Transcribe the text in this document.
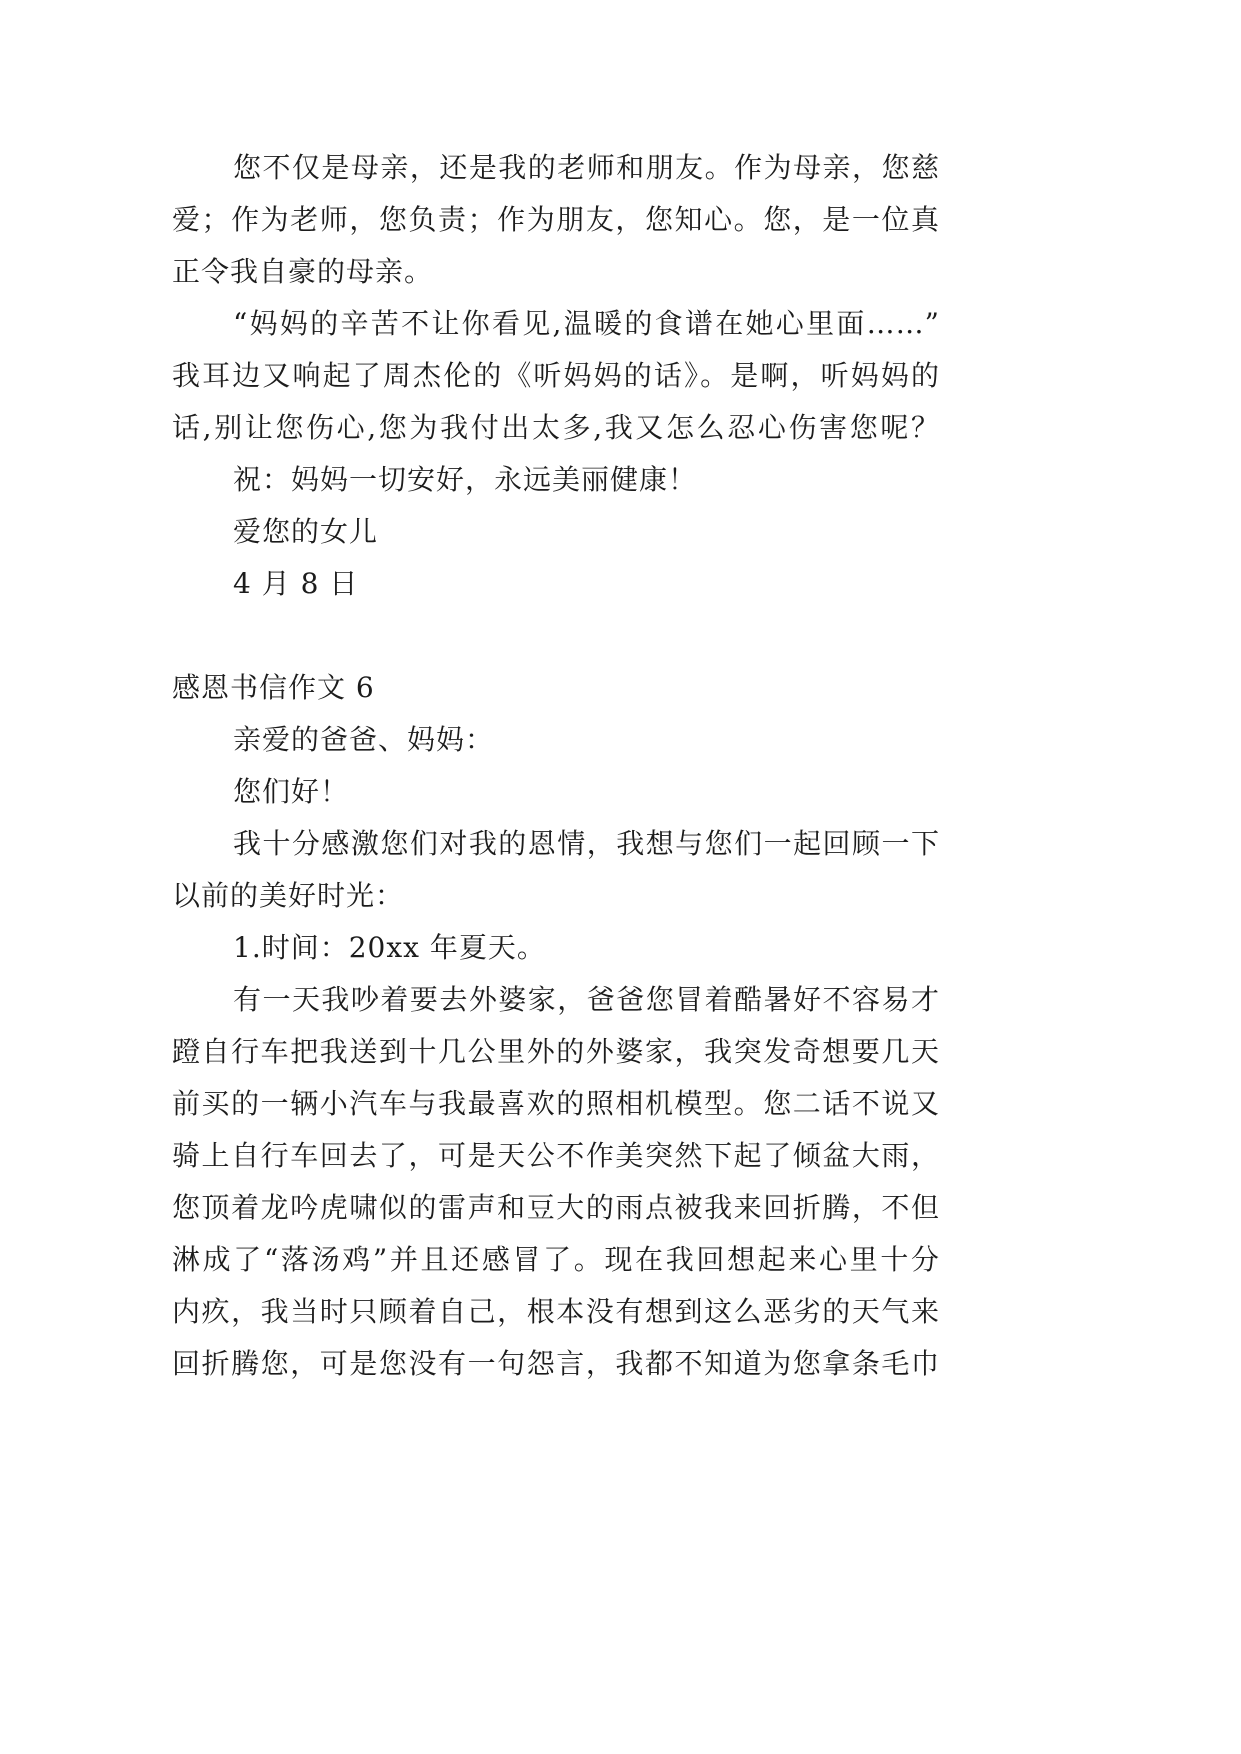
您不仅是母亲，还是我的老师和朋友。作为母亲，您慈
爱；作为老师，您负责；作为朋友，您知心。您，是一位真
正令我自豪的母亲。
“妈妈的辛苦不让你看见,温暖的食谱在她心里面……”
我耳边又响起了周杰伦的《听妈妈的话》。是啊，听妈妈的
话,别让您伤心,您为我付出太多,我又怎么忍心伤害您呢？
祝：妈妈一切安好，永远美丽健康！
爱您的女儿
4 月 8 日
感恩书信作文 6
亲爱的爸爸、妈妈：
您们好！
我十分感激您们对我的恩情，我想与您们一起回顾一下
以前的美好时光：
1.时间：20xx 年夏天。
有一天我吵着要去外婆家，爸爸您冒着酷暑好不容易才
蹬自行车把我送到十几公里外的外婆家，我突发奇想要几天
前买的一辆小汽车与我最喜欢的照相机模型。您二话不说又
骑上自行车回去了，可是天公不作美突然下起了倾盆大雨，
您顶着龙吟虎啸似的雷声和豆大的雨点被我来回折腾，不但
淋成了“落汤鸡”并且还感冒了。现在我回想起来心里十分
内疚，我当时只顾着自己，根本没有想到这么恶劣的天气来
回折腾您，可是您没有一句怨言，我都不知道为您拿条毛巾
